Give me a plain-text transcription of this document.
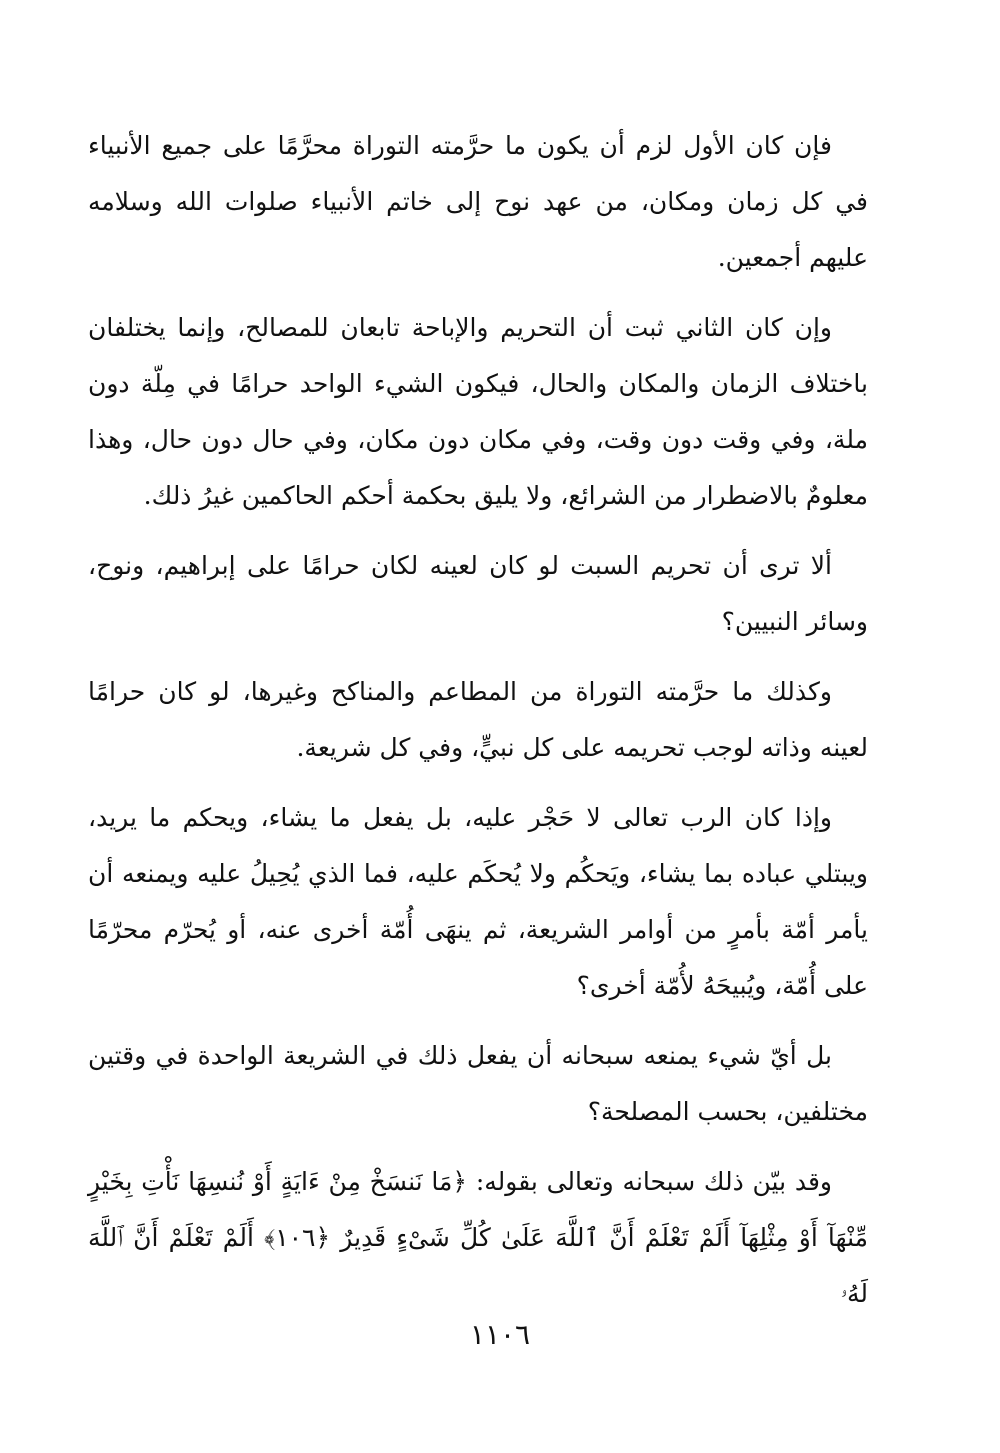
فإن كان الأول لزم أن يكون ما حرَّمته التوراة محرَّمًا على جميع الأنبياء في كل زمان ومكان، من عهد نوح إلى خاتم الأنبياء صلوات الله وسلامه عليهم أجمعين.

وإن كان الثاني ثبت أن التحريم والإباحة تابعان للمصالح، وإنما يختلفان باختلاف الزمان والمكان والحال، فيكون الشيء الواحد حرامًا في مِلّة دون ملة، وفي وقت دون وقت، وفي مكان دون مكان، وفي حال دون حال، وهذا معلومٌ بالاضطرار من الشرائع، ولا يليق بحكمة أحكم الحاكمين غيرُ ذلك.

ألا ترى أن تحريم السبت لو كان لعينه لكان حرامًا على إبراهيم، ونوح، وسائر النبيين؟

وكذلك ما حرَّمته التوراة من المطاعم والمناكح وغيرها، لو كان حرامًا لعينه وذاته لوجب تحريمه على كل نبيٍّ، وفي كل شريعة.

وإذا كان الرب تعالى لا حَجْر عليه، بل يفعل ما يشاء، ويحكم ما يريد، ويبتلي عباده بما يشاء، ويَحكُم ولا يُحكَم عليه، فما الذي يُحِيلُ عليه ويمنعه أن يأمر أمّة بأمرٍ من أوامر الشريعة، ثم ينهَى أُمّة أخرى عنه، أو يُحرّم محرّمًا على أُمّة، ويُبيحَهُ لأُمّة أخرى؟

بل أيّ شيء يمنعه سبحانه أن يفعل ذلك في الشريعة الواحدة في وقتين مختلفين، بحسب المصلحة؟

وقد بيّن ذلك سبحانه وتعالى بقوله: ﴿مَا نَنسَخْ مِنْ ءَايَةٍ أَوْ نُنسِهَا نَأْتِ بِخَيْرٍ مِّنْهَآ أَوْ مِثْلِهَآ أَلَمْ تَعْلَمْ أَنَّ ٱللَّهَ عَلَىٰ كُلِّ شَىْءٍ قَدِيرٌ ﴿١٠٦﴾ أَلَمْ تَعْلَمْ أَنَّ ٱللَّهَ لَهُۥ

١١٠٦
